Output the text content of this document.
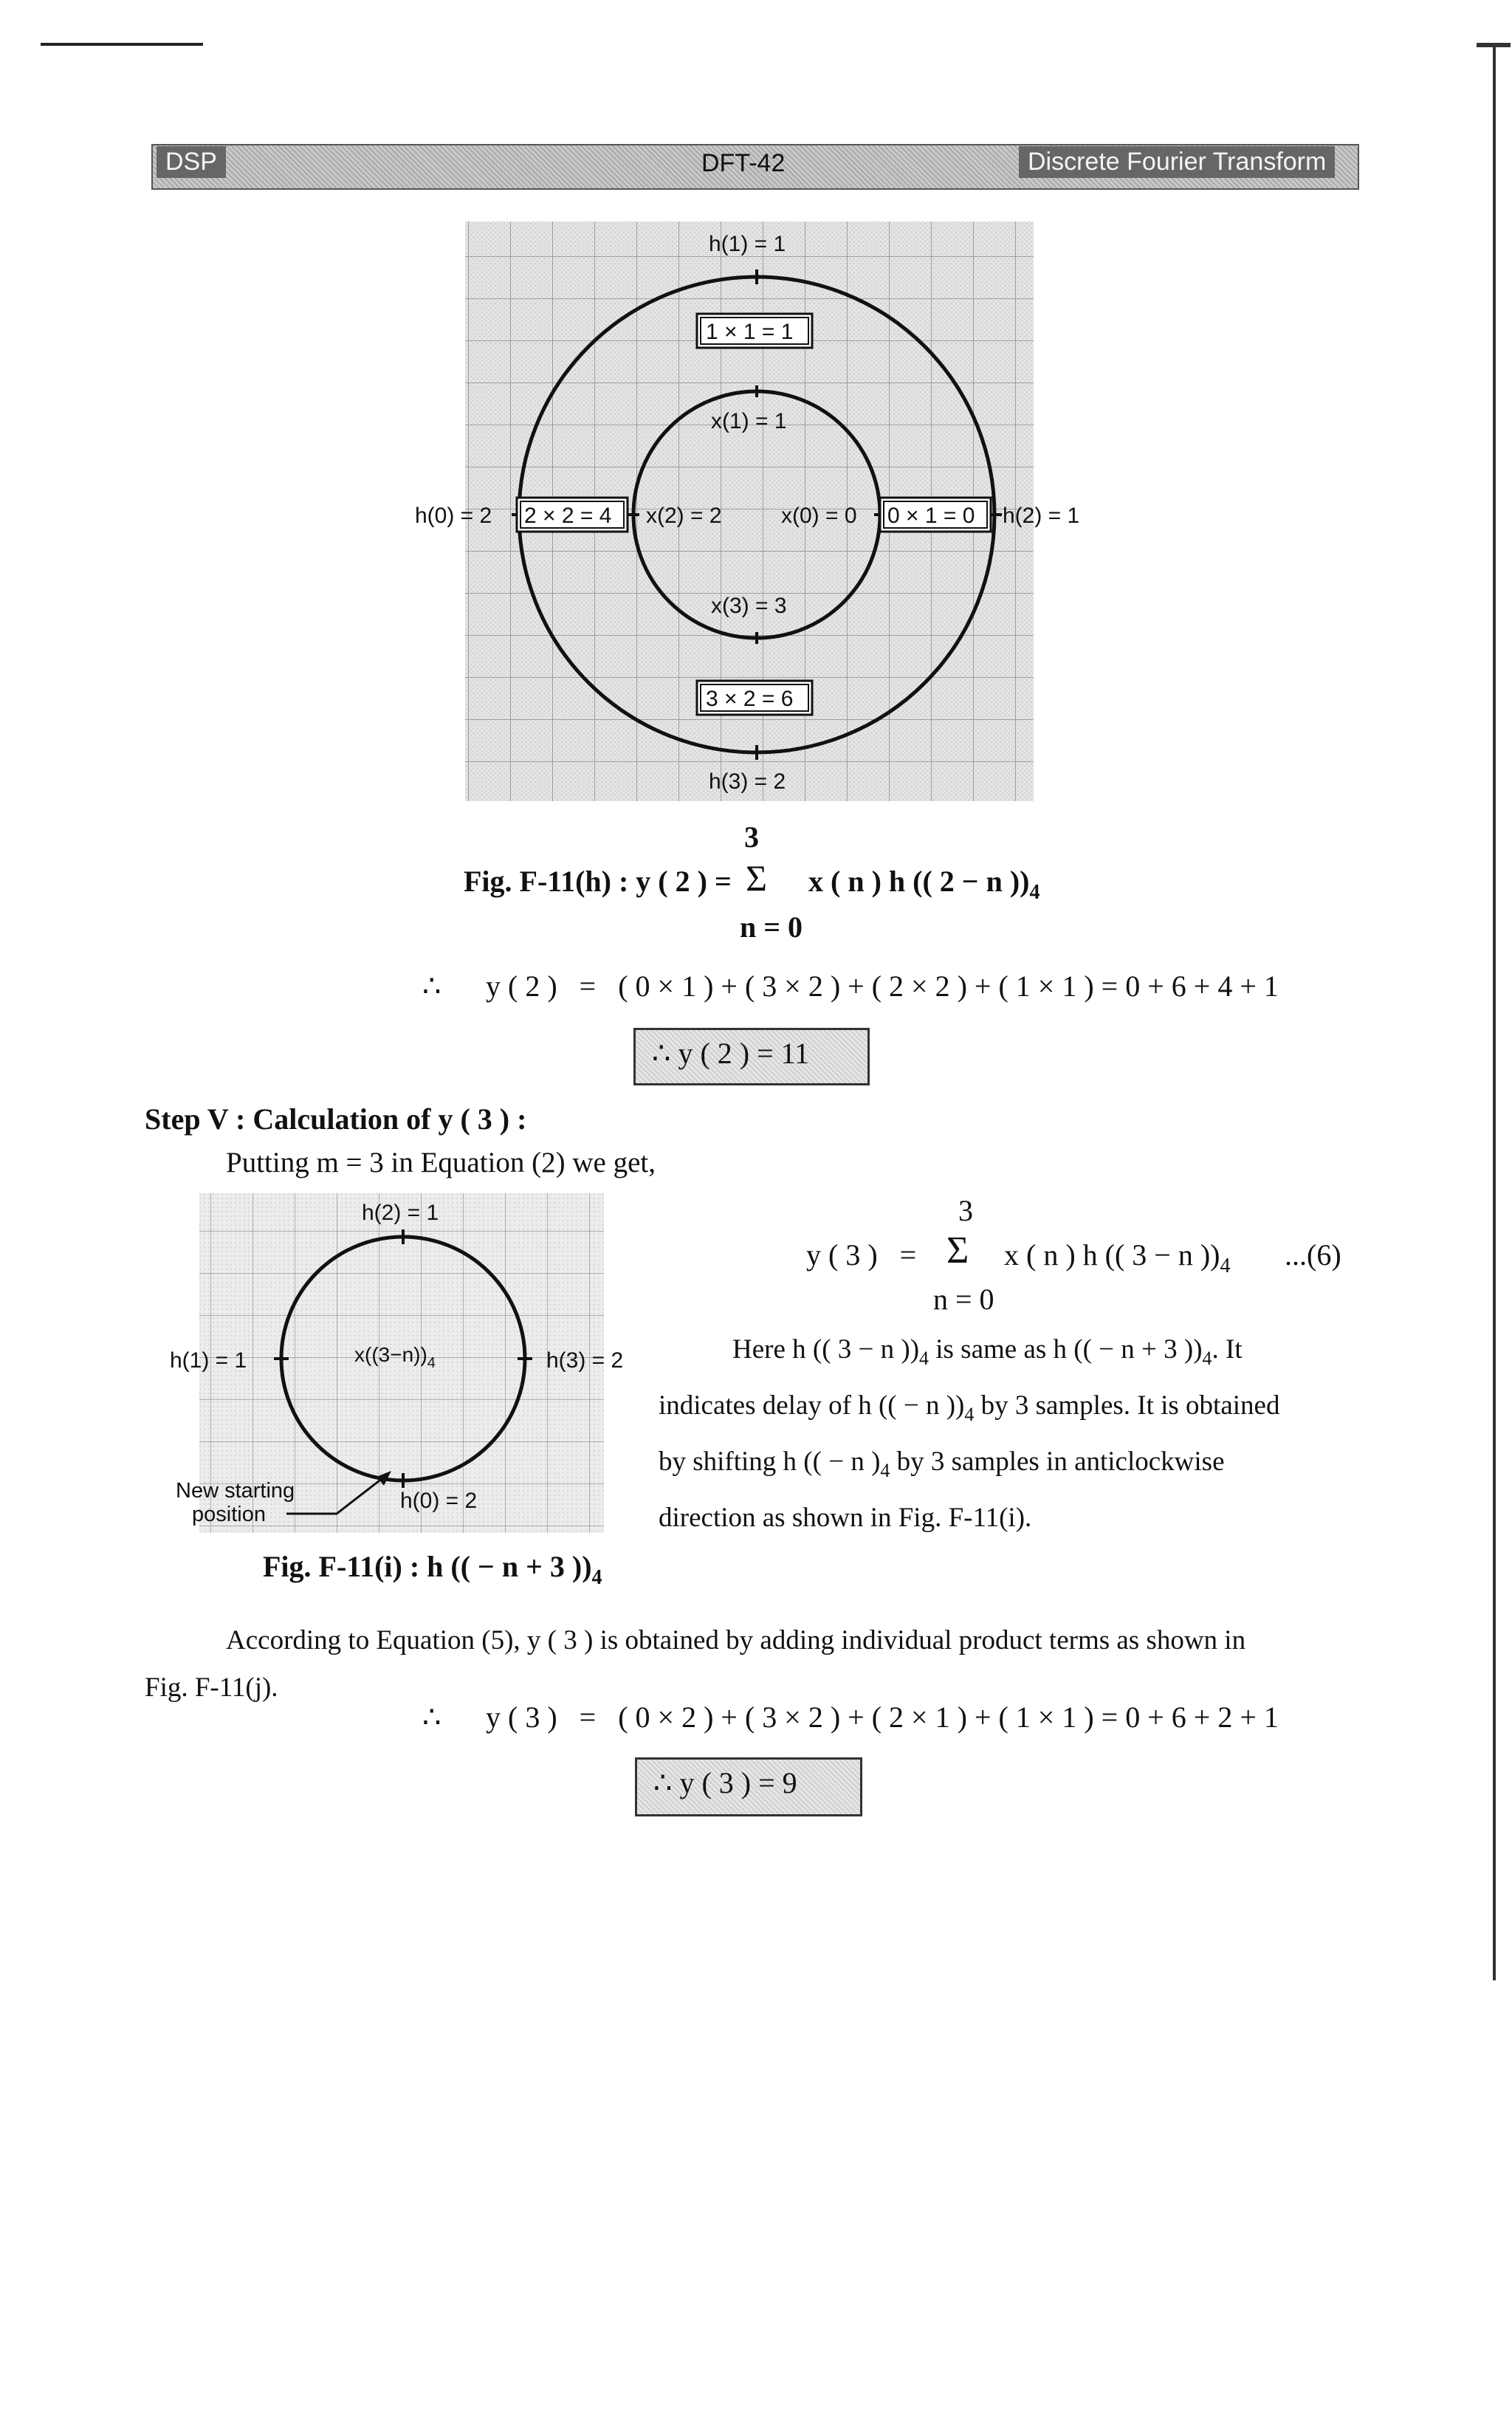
DSP	DFT-42	Discrete Fourier Transform
h(1) = 1
h(0) = 2	h(2) = 1
h(3) = 2
x(1) = 1
x(2) = 2	x(0) = 0
x(3) = 3
1 × 1 = 1
2 × 2 = 4	0 × 1 = 0
3 × 2 = 6
3
Fig. F-11(h) : y ( 2 ) = Σ x ( n ) h (( 2 − n ))$_4$
n = 0
∴ y ( 2 )   =   ( 0 × 1 ) + ( 3 × 2 ) + ( 2 × 2 ) + ( 1 × 1 ) = 0 + 6 + 4 + 1
∴ y ( 2 ) = 11
Step V : Calculation of y ( 3 ) :
Putting m = 3 in Equation (2) we get,
h(2) = 1
h(1) = 1	h(3) = 2
h(0) = 2
$x((3-n))_4$
New starting
position
Fig. F-11(i) : h (( − n + 3 ))$_4$
3
y ( 3 )   = Σ x ( n ) h (( 3 − n ))$_4$ ...(6)
n = 0
Here h (( 3 − n ))$_4$ is same as h (( − n + 3 ))$_4$. It
indicates delay of h (( − n ))$_4$ by 3 samples. It is obtained
by shifting h (( − n )$_4$ by 3 samples in anticlockwise
direction as shown in Fig. F-11(i).
According to Equation (5), y ( 3 ) is obtained by adding individual product terms as shown in
Fig. F-11(j).
∴ y ( 3 )   =   ( 0 × 2 ) + ( 3 × 2 ) + ( 2 × 1 ) + ( 1 × 1 ) = 0 + 6 + 2 + 1
∴ y ( 3 ) = 9
